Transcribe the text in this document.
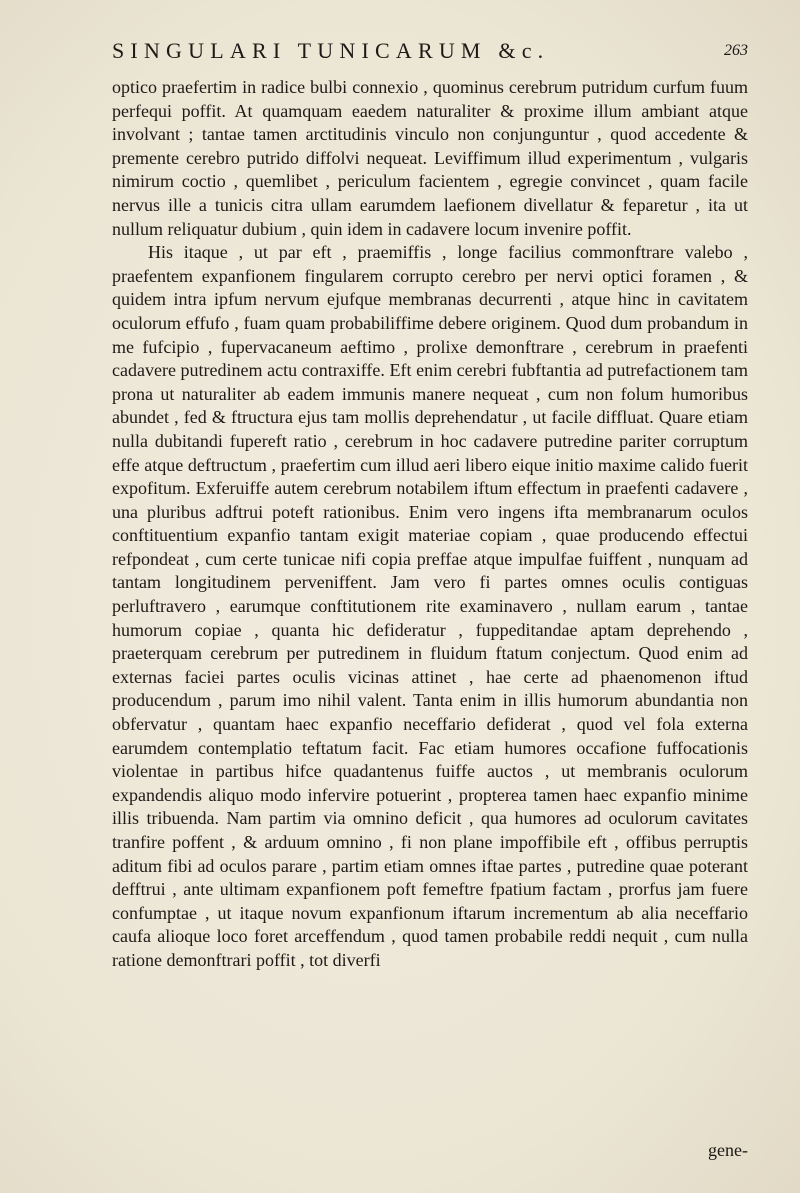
SINGULARI TUNICARUM &c.	263

optico praefertim in radice bulbi connexio , quominus cerebrum putridum curfum fuum perfequi poffit. At quamquam eaedem naturaliter & proxime illum ambiant atque involvant ; tantae tamen arctitudinis vinculo non conjunguntur , quod accedente & premente cerebro putrido diffolvi nequeat. Leviffimum illud experimentum , vulgaris nimirum coctio , quemlibet , periculum facientem , egregie convincet , quam facile nervus ille a tunicis citra ullam earumdem laefionem divellatur & feparetur , ita ut nullum reliquatur dubium , quin idem in cadavere locum invenire poffit.

His itaque , ut par eft , praemiffis , longe facilius commonftrare valebo , praefentem expanfionem fingularem corrupto cerebro per nervi optici foramen , & quidem intra ipfum nervum ejufque membranas decurrenti , atque hinc in cavitatem oculorum effufo , fuam quam probabiliffime debere originem. Quod dum probandum in me fufcipio , fupervacaneum aeftimo , prolixe demonftrare , cerebrum in praefenti cadavere putredinem actu contraxiffe. Eft enim cerebri fubftantia ad putrefactionem tam prona ut naturaliter ab eadem immunis manere nequeat , cum non folum humoribus abundet , fed & ftructura ejus tam mollis deprehendatur , ut facile diffluat. Quare etiam nulla dubitandi fupereft ratio , cerebrum in hoc cadavere putredine pariter corruptum effe atque deftructum , praefertim cum illud aeri libero eique initio maxime calido fuerit expofitum. Exferuiffe autem cerebrum notabilem iftum effectum in praefenti cadavere , una pluribus adftrui poteft rationibus. Enim vero ingens ifta membranarum oculos conftituentium expanfio tantam exigit materiae copiam , quae producendo effectui refpondeat , cum certe tunicae nifi copia preffae atque impulfae fuiffent , nunquam ad tantam longitudinem perveniffent. Jam vero fi partes omnes oculis contiguas perluftravero , earumque conftitutionem rite examinavero , nullam earum , tantae humorum copiae , quanta hic defideratur , fuppeditandae aptam deprehendo , praeterquam cerebrum per putredinem in fluidum ftatum conjectum. Quod enim ad externas faciei partes oculis vicinas attinet , hae certe ad phaenomenon iftud producendum , parum imo nihil valent. Tanta enim in illis humorum abundantia non obfervatur , quantam haec expanfio neceffario defiderat , quod vel fola externa earumdem contemplatio teftatum facit. Fac etiam humores occafione fuffocationis violentae in partibus hifce quadantenus fuiffe auctos , ut membranis oculorum expandendis aliquo modo infervire potuerint , propterea tamen haec expanfio minime illis tribuenda. Nam partim via omnino deficit , qua humores ad oculorum cavitates tranfire poffent , & arduum omnino , fi non plane impoffibile eft , offibus perruptis aditum fibi ad oculos parare , partim etiam omnes iftae partes , putredine quae poterant defftrui , ante ultimam expanfionem poft femeftre fpatium factam , prorfus jam fuere confumptae , ut itaque novum expanfionum iftarum incrementum ab alia neceffario caufa alioque loco foret arceffendum , quod tamen probabile reddi nequit , cum nulla ratione demonftrari poffit , tot diverfi

gene-
